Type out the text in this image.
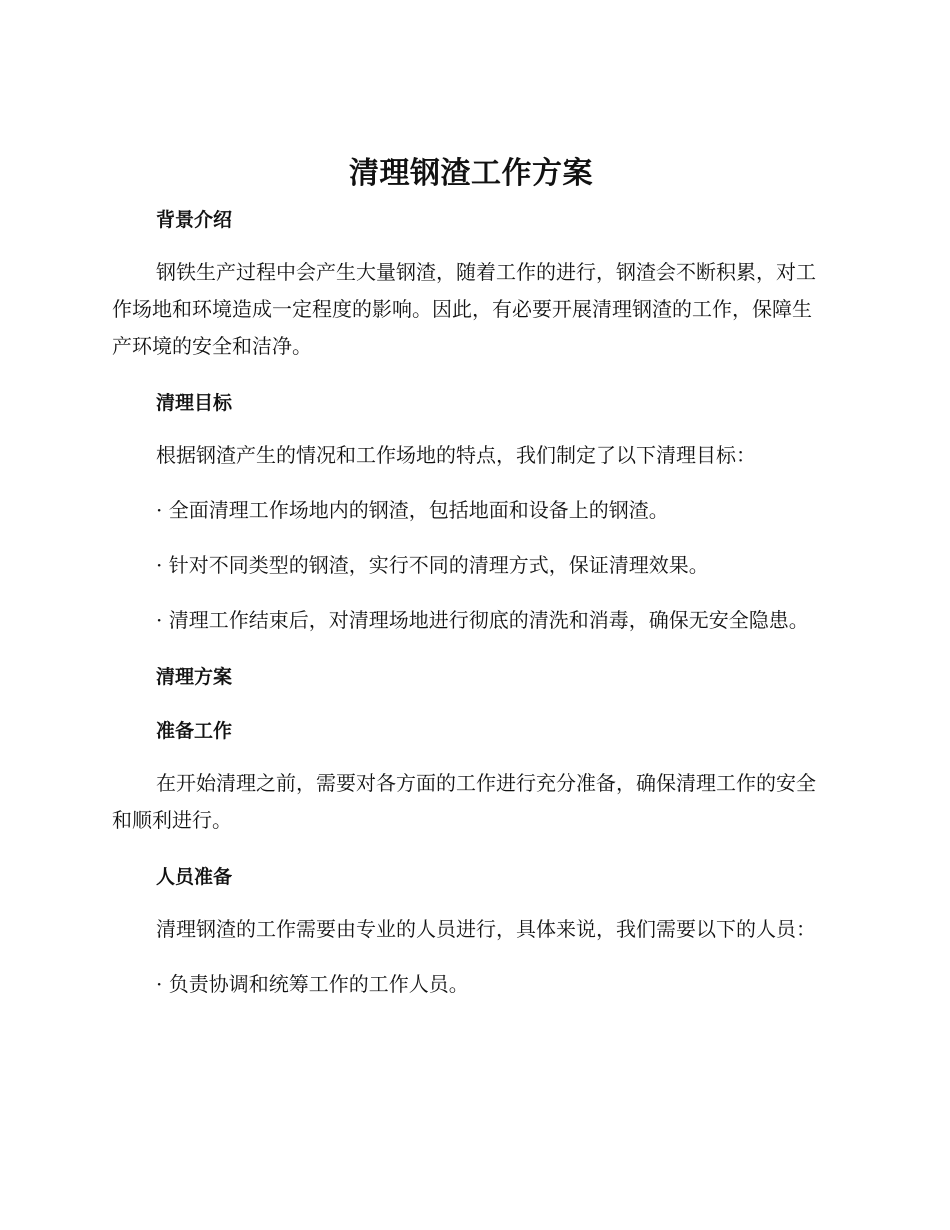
清理钢渣工作方案
背景介绍

钢铁生产过程中会产生大量钢渣，随着工作的进行，钢渣会不断积累，对工作场地和环境造成一定程度的影响。因此，有必要开展清理钢渣的工作，保障生产环境的安全和洁净。

清理目标

根据钢渣产生的情况和工作场地的特点，我们制定了以下清理目标：

· 全面清理工作场地内的钢渣，包括地面和设备上的钢渣。

· 针对不同类型的钢渣，实行不同的清理方式，保证清理效果。

· 清理工作结束后，对清理场地进行彻底的清洗和消毒，确保无安全隐患。

清理方案
准备工作

在开始清理之前，需要对各方面的工作进行充分准备，确保清理工作的安全和顺利进行。

人员准备

清理钢渣的工作需要由专业的人员进行，具体来说，我们需要以下的人员：

· 负责协调和统筹工作的工作人员。
